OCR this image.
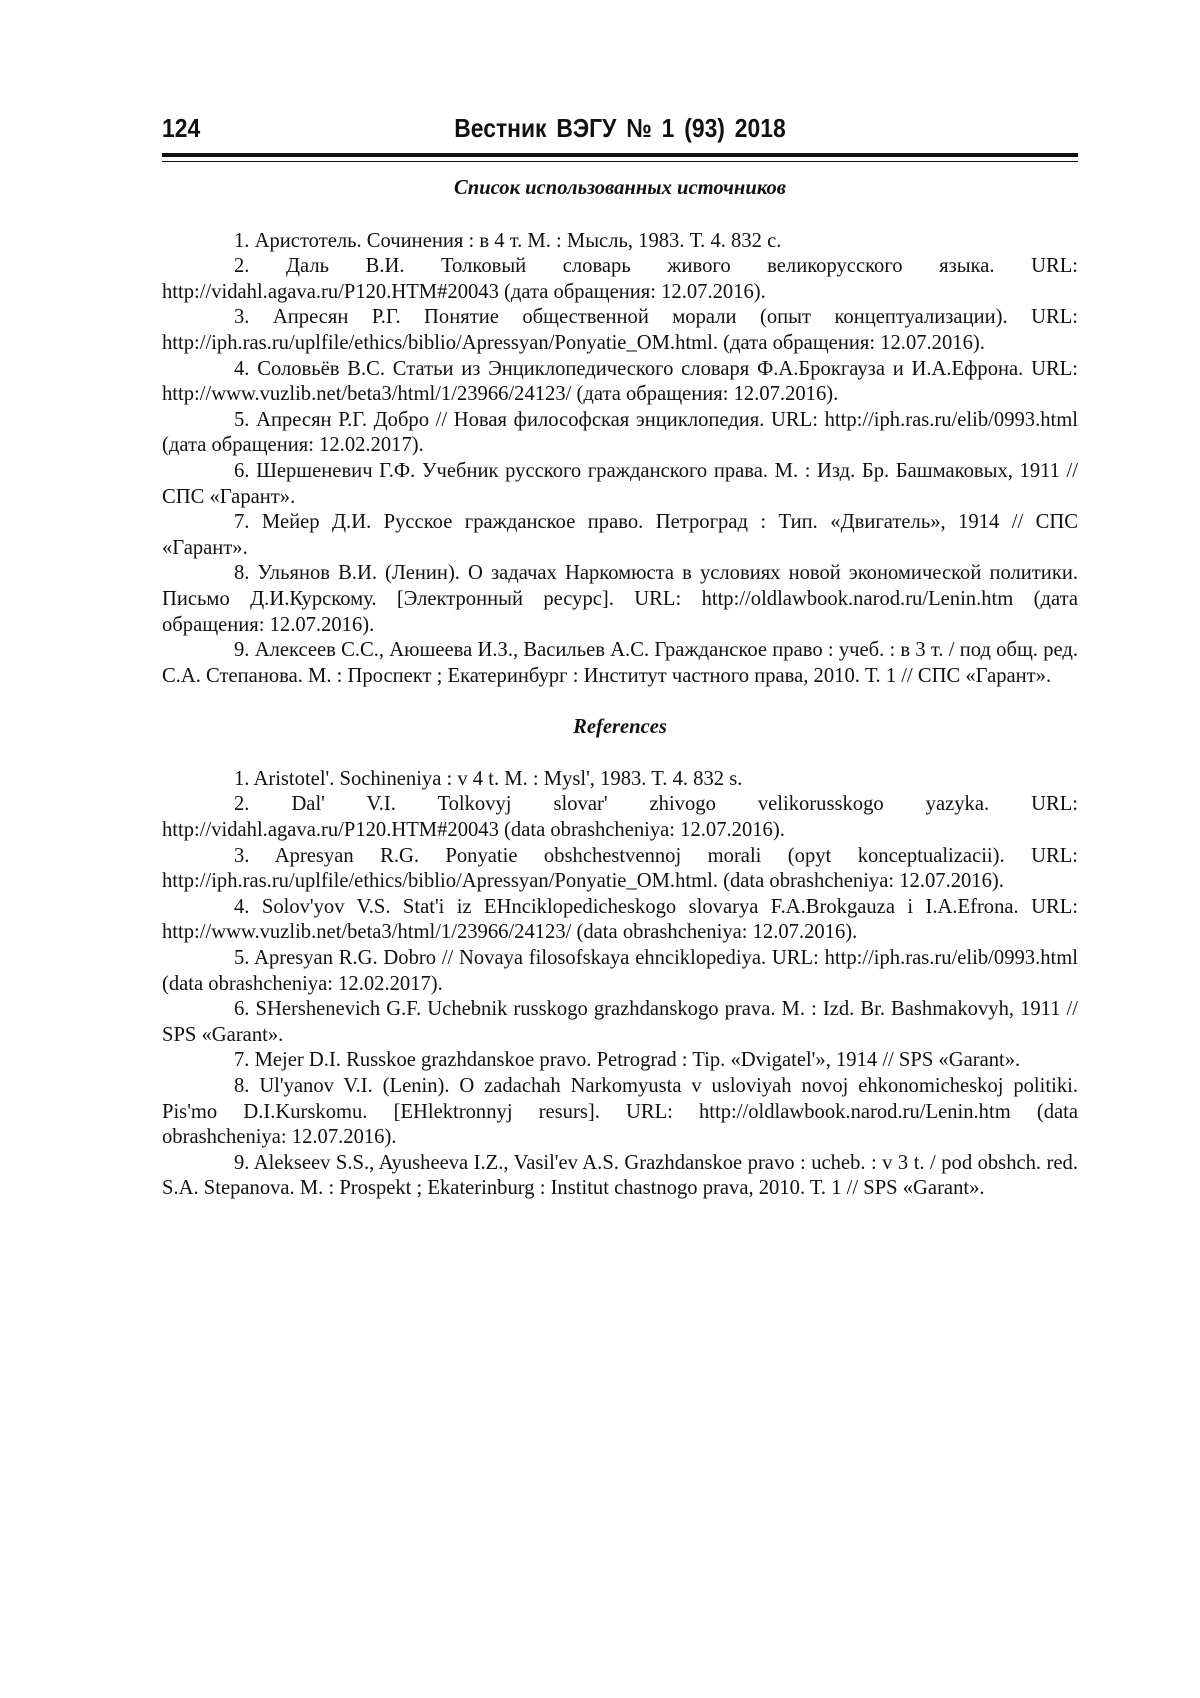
124	Вестник ВЭГУ № 1 (93) 2018

Список использованных источников

1. Аристотель. Сочинения : в 4 т. М. : Мысль, 1983. Т. 4. 832 с.
2. Даль В.И. Толковый словарь живого великорусского языка. URL: http://vidahl.agava.ru/P120.HTM#20043 (дата обращения: 12.07.2016).
3. Апресян Р.Г. Понятие общественной морали (опыт концептуализации). URL: http://iph.ras.ru/uplfile/ethics/biblio/Apressyan/Ponyatie_OM.html. (дата обращения: 12.07.2016).
4. Соловьёв В.С. Статьи из Энциклопедического словаря Ф.А.Брокгауза и И.А.Ефрона. URL: http://www.vuzlib.net/beta3/html/1/23966/24123/ (дата обращения: 12.07.2016).
5. Апресян Р.Г. Добро // Новая философская энциклопедия. URL: http://iph.ras.ru/elib/0993.html (дата обращения: 12.02.2017).
6. Шершеневич Г.Ф. Учебник русского гражданского права. М. : Изд. Бр. Башмаковых, 1911 // СПС «Гарант».
7. Мейер Д.И. Русское гражданское право. Петроград : Тип. «Двигатель», 1914 // СПС «Гарант».
8. Ульянов В.И. (Ленин). О задачах Наркомюста в условиях новой экономической политики. Письмо Д.И.Курскому. [Электронный ресурс]. URL: http://oldlawbook.narod.ru/Lenin.htm (дата обращения: 12.07.2016).
9. Алексеев С.С., Аюшеева И.З., Васильев А.С. Гражданское право : учеб. : в 3 т. / под общ. ред. С.А. Степанова. М. : Проспект ; Екатеринбург : Институт частного права, 2010. Т. 1 // СПС «Гарант».

References

1. Aristotel'. Sochineniya : v 4 t. M. : Mysl', 1983. T. 4. 832 s.
2. Dal' V.I. Tolkovyj slovar' zhivogo velikorusskogo yazyka. URL: http://vidahl.agava.ru/P120.HTM#20043 (data obrashcheniya: 12.07.2016).
3. Apresyan R.G. Ponyatie obshchestvennoj morali (opyt konceptualizacii). URL: http://iph.ras.ru/uplfile/ethics/biblio/Apressyan/Ponyatie_OM.html. (data obrashcheniya: 12.07.2016).
4. Solov'yov V.S. Stat'i iz EHnciklopedicheskogo slovarya F.A.Brokgauza i I.A.Efrona. URL: http://www.vuzlib.net/beta3/html/1/23966/24123/ (data obrashcheniya: 12.07.2016).
5. Apresyan R.G. Dobro // Novaya filosofskaya ehnciklopediya. URL: http://iph.ras.ru/elib/0993.html (data obrashcheniya: 12.02.2017).
6. SHershenevich G.F. Uchebnik russkogo grazhdanskogo prava. M. : Izd. Br. Bashmakovyh, 1911 // SPS «Garant».
7. Mejer D.I. Russkoe grazhdanskoe pravo. Petrograd : Tip. «Dvigatel'», 1914 // SPS «Garant».
8. Ul'yanov V.I. (Lenin). O zadachah Narkomyusta v usloviyah novoj ehkonomicheskoj politiki. Pis'mo D.I.Kurskomu. [EHlektronnyj resurs]. URL: http://oldlawbook.narod.ru/Lenin.htm (data obrashcheniya: 12.07.2016).
9. Alekseev S.S., Ayusheeva I.Z., Vasil'ev A.S. Grazhdanskoe pravo : ucheb. : v 3 t. / pod obshch. red. S.A. Stepanova. M. : Prospekt ; Ekaterinburg : Institut chastnogo prava, 2010. T. 1 // SPS «Garant».
